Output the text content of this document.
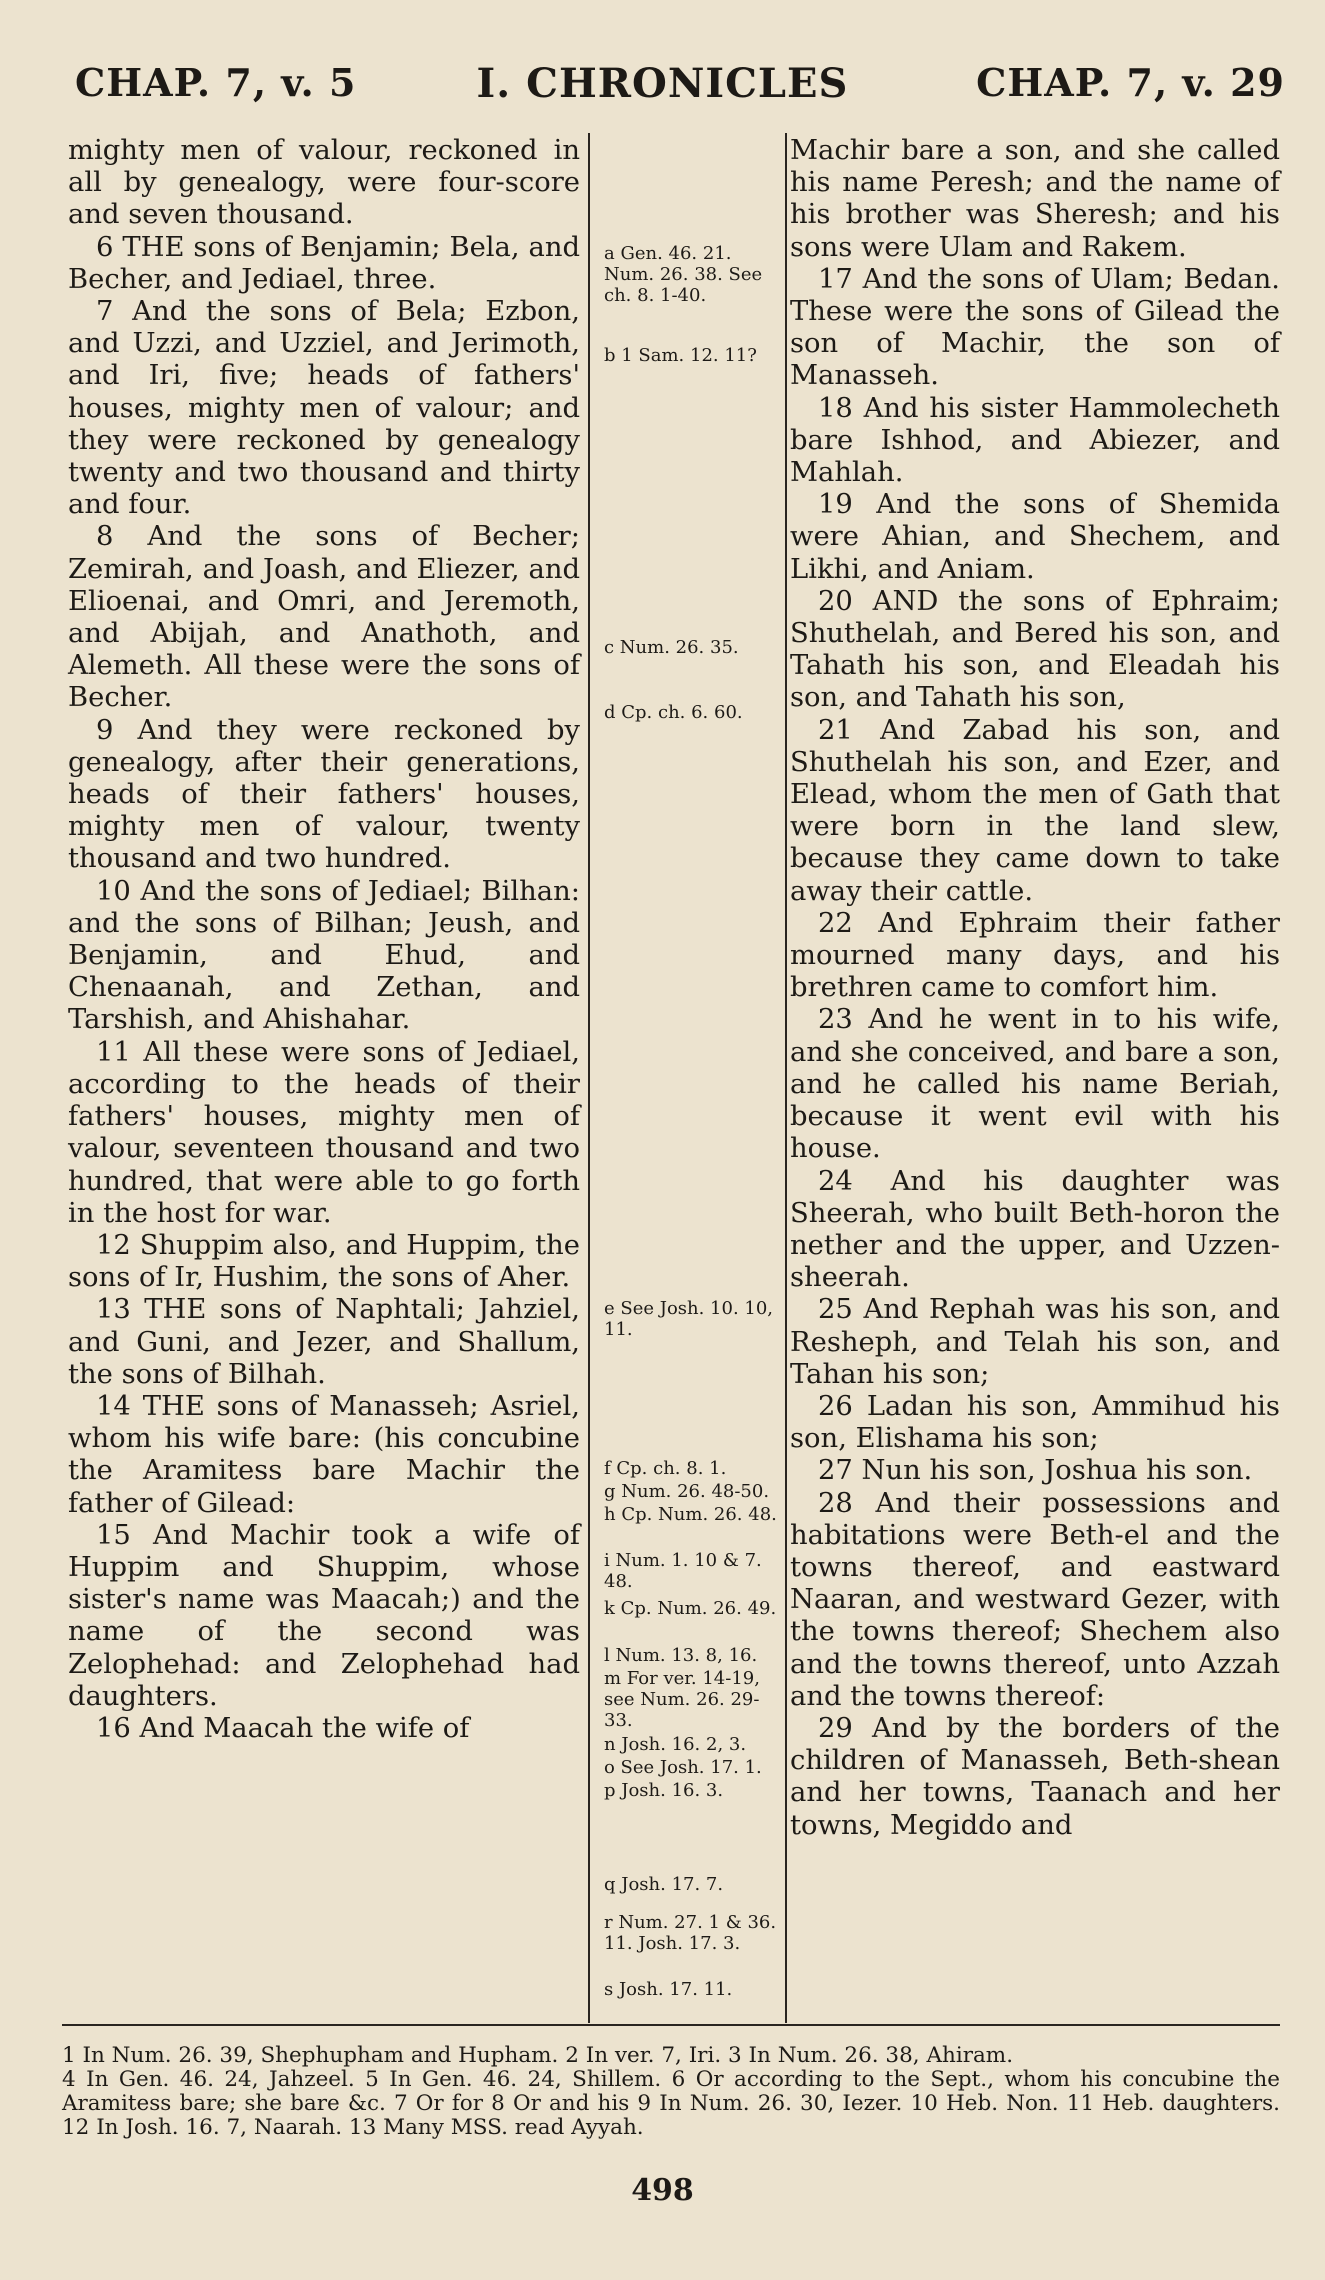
CHAP. 7, v. 5	I. CHRONICLES	CHAP. 7, v. 29

mighty men of valour, reckoned in all by genealogy, were four-score and seven thousand.

6 THE sons of Benjamin; Bela, and Becher, and Jediael, three.

7 And the sons of Bela; Ezbon, and Uzzi, and Uzziel, and Jerimoth, and Iri, five; heads of fathers' houses, mighty men of valour; and they were reckoned by genealogy twenty and two thousand and thirty and four.

8 And the sons of Becher; Zemirah, and Joash, and Eliezer, and Elioenai, and Omri, and Jeremoth, and Abijah, and Anathoth, and Alemeth. All these were the sons of Becher.

9 And they were reckoned by genealogy, after their generations, heads of their fathers' houses, mighty men of valour, twenty thousand and two hundred.

10 And the sons of Jediael; Bilhan: and the sons of Bilhan; Jeush, and Benjamin, and Ehud, and Chenaanah, and Zethan, and Tarshish, and Ahishahar.

11 All these were sons of Jediael, according to the heads of their fathers' houses, mighty men of valour, seventeen thousand and two hundred, that were able to go forth in the host for war.

12 Shuppim also, and Huppim, the sons of Ir, Hushim, the sons of Aher.

13 THE sons of Naphtali; Jahziel, and Guni, and Jezer, and Shallum, the sons of Bilhah.

14 THE sons of Manasseh; Asriel, whom his wife bare: (his concubine the Aramitess bare Machir the father of Gilead:

15 And Machir took a wife of Huppim and Shuppim, whose sister's name was Maacah;) and the name of the second was Zelophehad: and Zelophehad had daughters.

16 And Maacah the wife of

a Gen. 46. 21. Num. 26. 38. See ch. 8. 1-40.
b 1 Sam. 12. 11?
c Num. 26. 35.
d Cp. ch. 6. 60.
e See Josh. 10. 10, 11.
f Cp. ch. 8. 1.
g Num. 26. 48-50.
h Cp. Num. 26. 48.
i Num. 1. 10 & 7. 48.
k Cp. Num. 26. 49.
l Num. 13. 8, 16.
m For ver. 14-19, see Num. 26. 29-33.
n Josh. 16. 2, 3.
o See Josh. 17. 1.
p Josh. 16. 3.
q Josh. 17. 7.
r Num. 27. 1 & 36. 11. Josh. 17. 3.
s Josh. 17. 11.

Machir bare a son, and she called his name Peresh; and the name of his brother was Sheresh; and his sons were Ulam and Rakem.

17 And the sons of Ulam; Bedan. These were the sons of Gilead the son of Machir, the son of Manasseh.

18 And his sister Hammolecheth bare Ishhod, and Abiezer, and Mahlah.

19 And the sons of Shemida were Ahian, and Shechem, and Likhi, and Aniam.

20 AND the sons of Ephraim; Shuthelah, and Bered his son, and Tahath his son, and Eleadah his son, and Tahath his son,

21 And Zabad his son, and Shuthelah his son, and Ezer, and Elead, whom the men of Gath that were born in the land slew, because they came down to take away their cattle.

22 And Ephraim their father mourned many days, and his brethren came to comfort him.

23 And he went in to his wife, and she conceived, and bare a son, and he called his name Beriah, because it went evil with his house.

24 And his daughter was Sheerah, who built Beth-horon the nether and the upper, and Uzzen-sheerah.

25 And Rephah was his son, and Resheph, and Telah his son, and Tahan his son;

26 Ladan his son, Ammihud his son, Elishama his son;

27 Nun his son, Joshua his son.

28 And their possessions and habitations were Beth-el and the towns thereof, and eastward Naaran, and westward Gezer, with the towns thereof; Shechem also and the towns thereof, unto Azzah and the towns thereof:

29 And by the borders of the children of Manasseh, Beth-shean and her towns, Taanach and her towns, Megiddo and

1 In Num. 26. 39, Shephupham and Hupham. 2 In ver. 7, Iri. 3 In Num. 26. 38, Ahiram.

4 In Gen. 46. 24, Jahzeel. 5 In Gen. 46. 24, Shillem. 6 Or according to the Sept., whom his concubine the Aramitess bare; she bare &c. 7 Or for 8 Or and his 9 In Num. 26. 30, Iezer. 10 Heb. Non. 11 Heb. daughters. 12 In Josh. 16. 7, Naarah. 13 Many MSS. read Ayyah.

498
